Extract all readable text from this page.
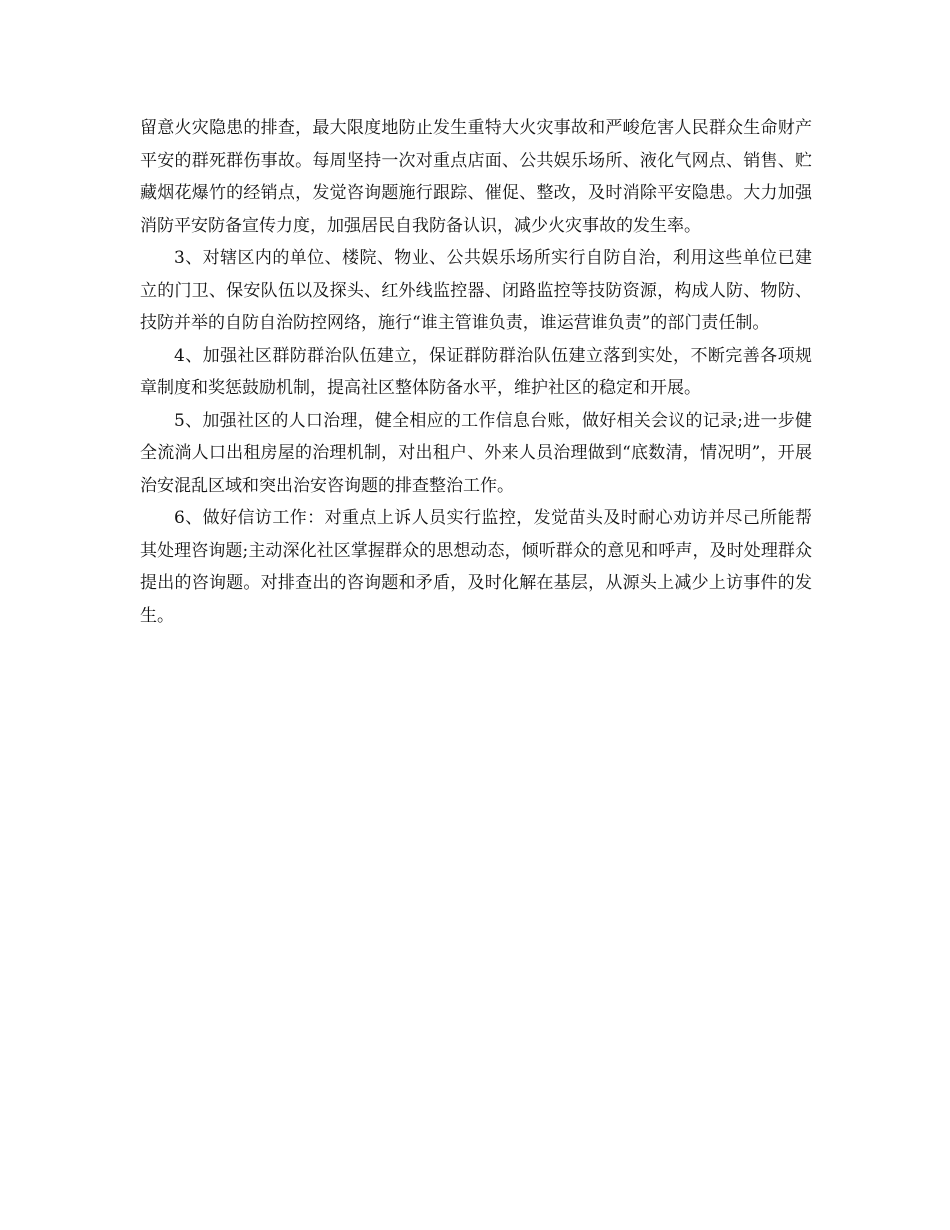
留意火灾隐患的排查，最大限度地防止发生重特大火灾事故和严峻危害人民群众生命财产平安的群死群伤事故。每周坚持一次对重点店面、公共娱乐场所、液化气网点、销售、贮藏烟花爆竹的经销点，发觉咨询题施行跟踪、催促、整改，及时消除平安隐患。大力加强消防平安防备宣传力度，加强居民自我防备认识，减少火灾事故的发生率。

3、对辖区内的单位、楼院、物业、公共娱乐场所实行自防自治，利用这些单位已建立的门卫、保安队伍以及探头、红外线监控器、闭路监控等技防资源，构成人防、物防、技防并举的自防自治防控网络，施行“谁主管谁负责，谁运营谁负责”的部门责任制。

4、加强社区群防群治队伍建立，保证群防群治队伍建立落到实处，不断完善各项规章制度和奖惩鼓励机制，提高社区整体防备水平，维护社区的稳定和开展。

5、加强社区的人口治理，健全相应的工作信息台账，做好相关会议的记录;进一步健全流淌人口出租房屋的治理机制，对出租户、外来人员治理做到“底数清，情况明”，开展治安混乱区域和突出治安咨询题的排查整治工作。

6、做好信访工作：对重点上诉人员实行监控，发觉苗头及时耐心劝访并尽己所能帮其处理咨询题;主动深化社区掌握群众的思想动态，倾听群众的意见和呼声，及时处理群众提出的咨询题。对排查出的咨询题和矛盾，及时化解在基层，从源头上减少上访事件的发生。
